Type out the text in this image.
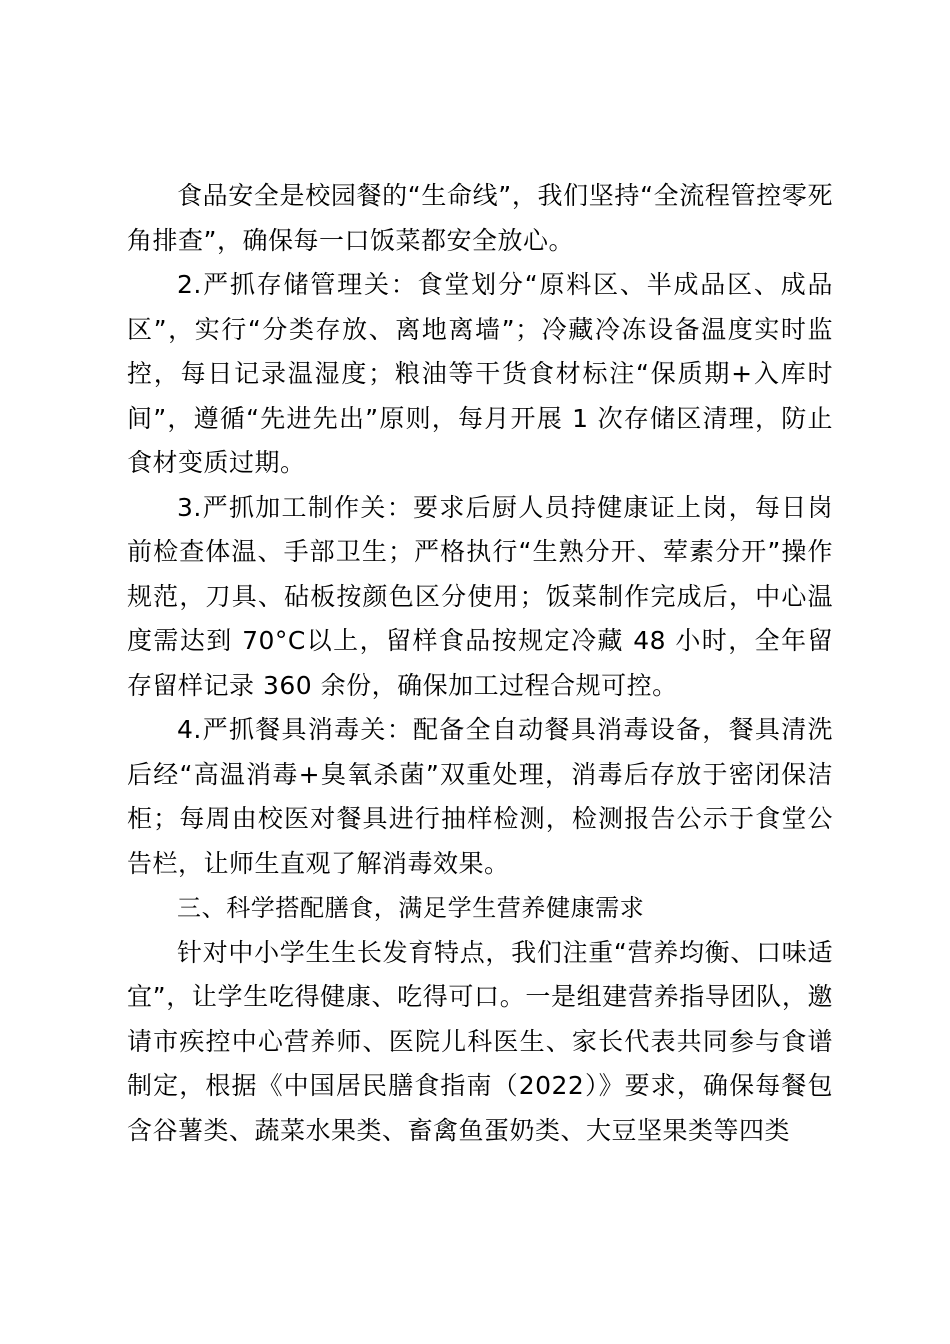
食品安全是校园餐的“生命线”，我们坚持“全流程管控零死角排查”，确保每一口饭菜都安全放心。

2.严抓存储管理关：食堂划分“原料区、半成品区、成品区”，实行“分类存放、离地离墙”；冷藏冷冻设备温度实时监控，每日记录温湿度；粮油等干货食材标注“保质期+入库时间”，遵循“先进先出”原则，每月开展 1 次存储区清理，防止食材变质过期。

3.严抓加工制作关：要求后厨人员持健康证上岗，每日岗前检查体温、手部卫生；严格执行“生熟分开、荤素分开”操作规范，刀具、砧板按颜色区分使用；饭菜制作完成后，中心温度需达到 70°C以上，留样食品按规定冷藏 48 小时，全年留存留样记录 360 余份，确保加工过程合规可控。

4.严抓餐具消毒关：配备全自动餐具消毒设备，餐具清洗后经“高温消毒+臭氧杀菌”双重处理，消毒后存放于密闭保洁柜；每周由校医对餐具进行抽样检测，检测报告公示于食堂公告栏，让师生直观了解消毒效果。

三、科学搭配膳食，满足学生营养健康需求

针对中小学生生长发育特点，我们注重“营养均衡、口味适宜”，让学生吃得健康、吃得可口。一是组建营养指导团队，邀请市疾控中心营养师、医院儿科医生、家长代表共同参与食谱制定，根据《中国居民膳食指南（2022）》要求，确保每餐包含谷薯类、蔬菜水果类、畜禽鱼蛋奶类、大豆坚果类等四类
